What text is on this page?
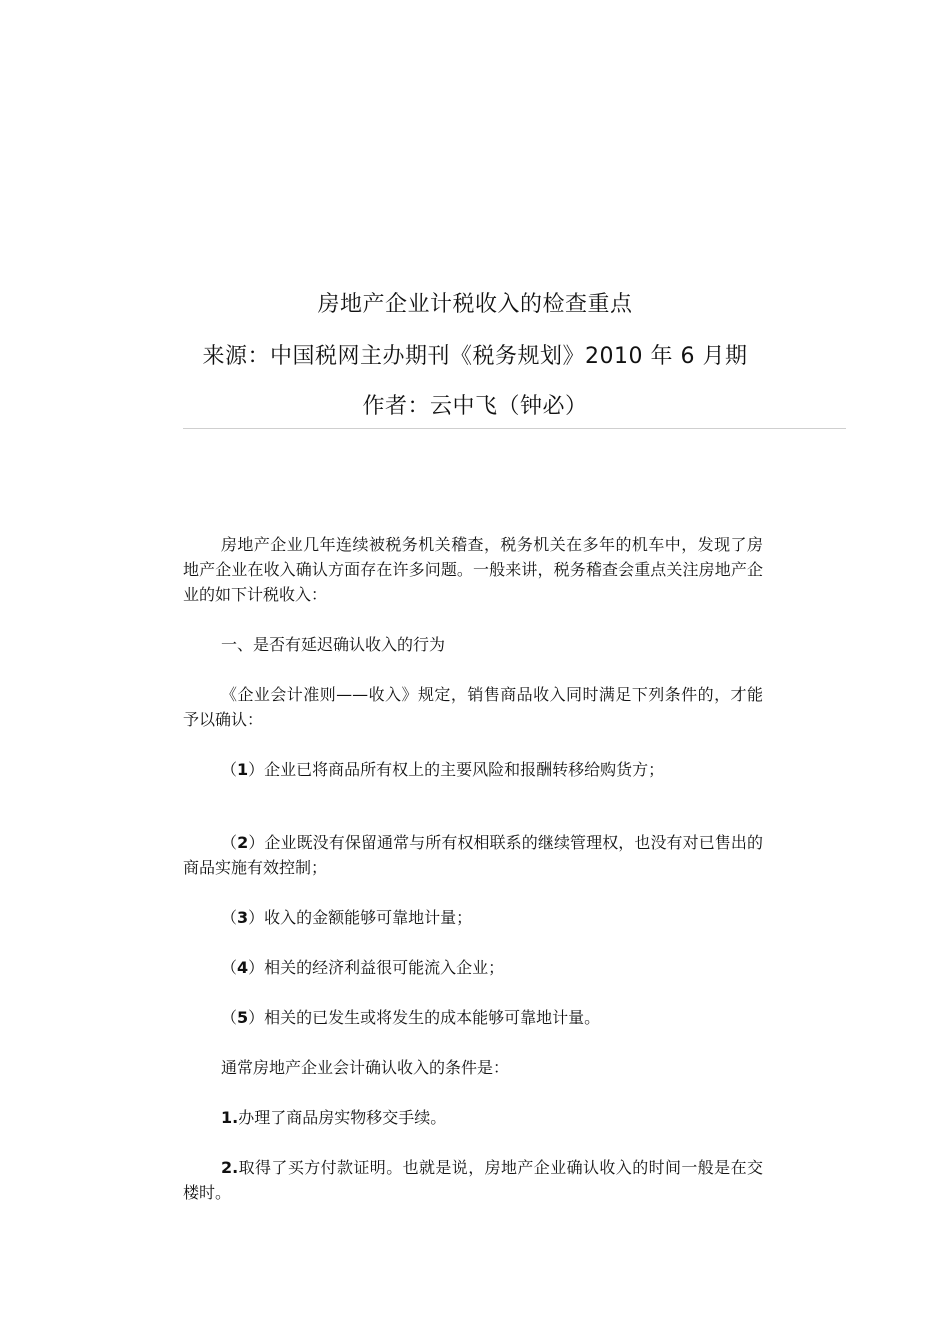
房地产企业计税收入的检查重点
来源：中国税网主办期刊《税务规划》2010 年 6 月期
作者：云中飞（钟必）

房地产企业几年连续被税务机关稽查，税务机关在多年的机车中，发现了房地产企业在收入确认方面存在许多问题。一般来讲，税务稽查会重点关注房地产企业的如下计税收入：

一、是否有延迟确认收入的行为

《企业会计准则——收入》规定，销售商品收入同时满足下列条件的，才能予以确认：

（1）企业已将商品所有权上的主要风险和报酬转移给购货方；

（2）企业既没有保留通常与所有权相联系的继续管理权，也没有对已售出的商品实施有效控制；

（3）收入的金额能够可靠地计量；

（4）相关的经济利益很可能流入企业；

（5）相关的已发生或将发生的成本能够可靠地计量。

通常房地产企业会计确认收入的条件是：

1.办理了商品房实物移交手续。

2.取得了买方付款证明。也就是说，房地产企业确认收入的时间一般是在交楼时。
